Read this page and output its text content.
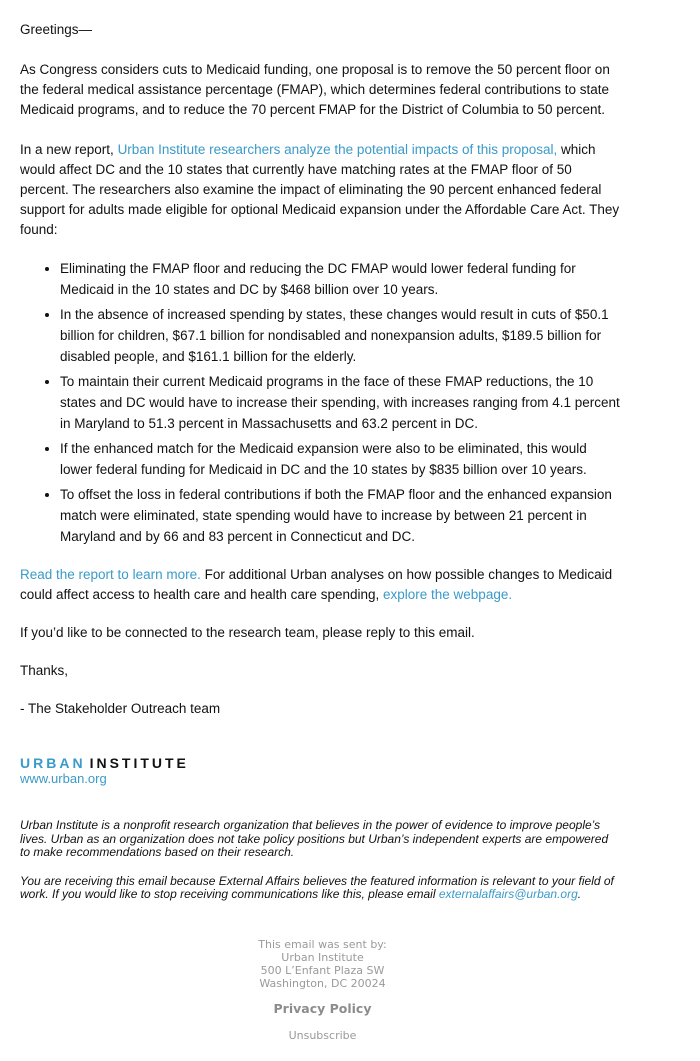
Greetings—

As Congress considers cuts to Medicaid funding, one proposal is to remove the 50 percent floor on the federal medical assistance percentage (FMAP), which determines federal contributions to state Medicaid programs, and to reduce the 70 percent FMAP for the District of Columbia to 50 percent.

In a new report, Urban Institute researchers analyze the potential impacts of this proposal, which would affect DC and the 10 states that currently have matching rates at the FMAP floor of 50 percent. The researchers also examine the impact of eliminating the 90 percent enhanced federal support for adults made eligible for optional Medicaid expansion under the Affordable Care Act. They found:

• Eliminating the FMAP floor and reducing the DC FMAP would lower federal funding for Medicaid in the 10 states and DC by $468 billion over 10 years.
• In the absence of increased spending by states, these changes would result in cuts of $50.1 billion for children, $67.1 billion for nondisabled and nonexpansion adults, $189.5 billion for disabled people, and $161.1 billion for the elderly.
• To maintain their current Medicaid programs in the face of these FMAP reductions, the 10 states and DC would have to increase their spending, with increases ranging from 4.1 percent in Maryland to 51.3 percent in Massachusetts and 63.2 percent in DC.
• If the enhanced match for the Medicaid expansion were also to be eliminated, this would lower federal funding for Medicaid in DC and the 10 states by $835 billion over 10 years.
• To offset the loss in federal contributions if both the FMAP floor and the enhanced expansion match were eliminated, state spending would have to increase by between 21 percent in Maryland and by 66 and 83 percent in Connecticut and DC.

Read the report to learn more. For additional Urban analyses on how possible changes to Medicaid could affect access to health care and health care spending, explore the webpage.

If you’d like to be connected to the research team, please reply to this email.

Thanks,

- The Stakeholder Outreach team

URBAN INSTITUTE
www.urban.org

Urban Institute is a nonprofit research organization that believes in the power of evidence to improve people’s lives. Urban as an organization does not take policy positions but Urban’s independent experts are empowered to make recommendations based on their research.

You are receiving this email because External Affairs believes the featured information is relevant to your field of work. If you would like to stop receiving communications like this, please email externalaffairs@urban.org.

This email was sent by:
Urban Institute
500 L’Enfant Plaza SW
Washington, DC 20024
Privacy Policy
Unsubscribe
